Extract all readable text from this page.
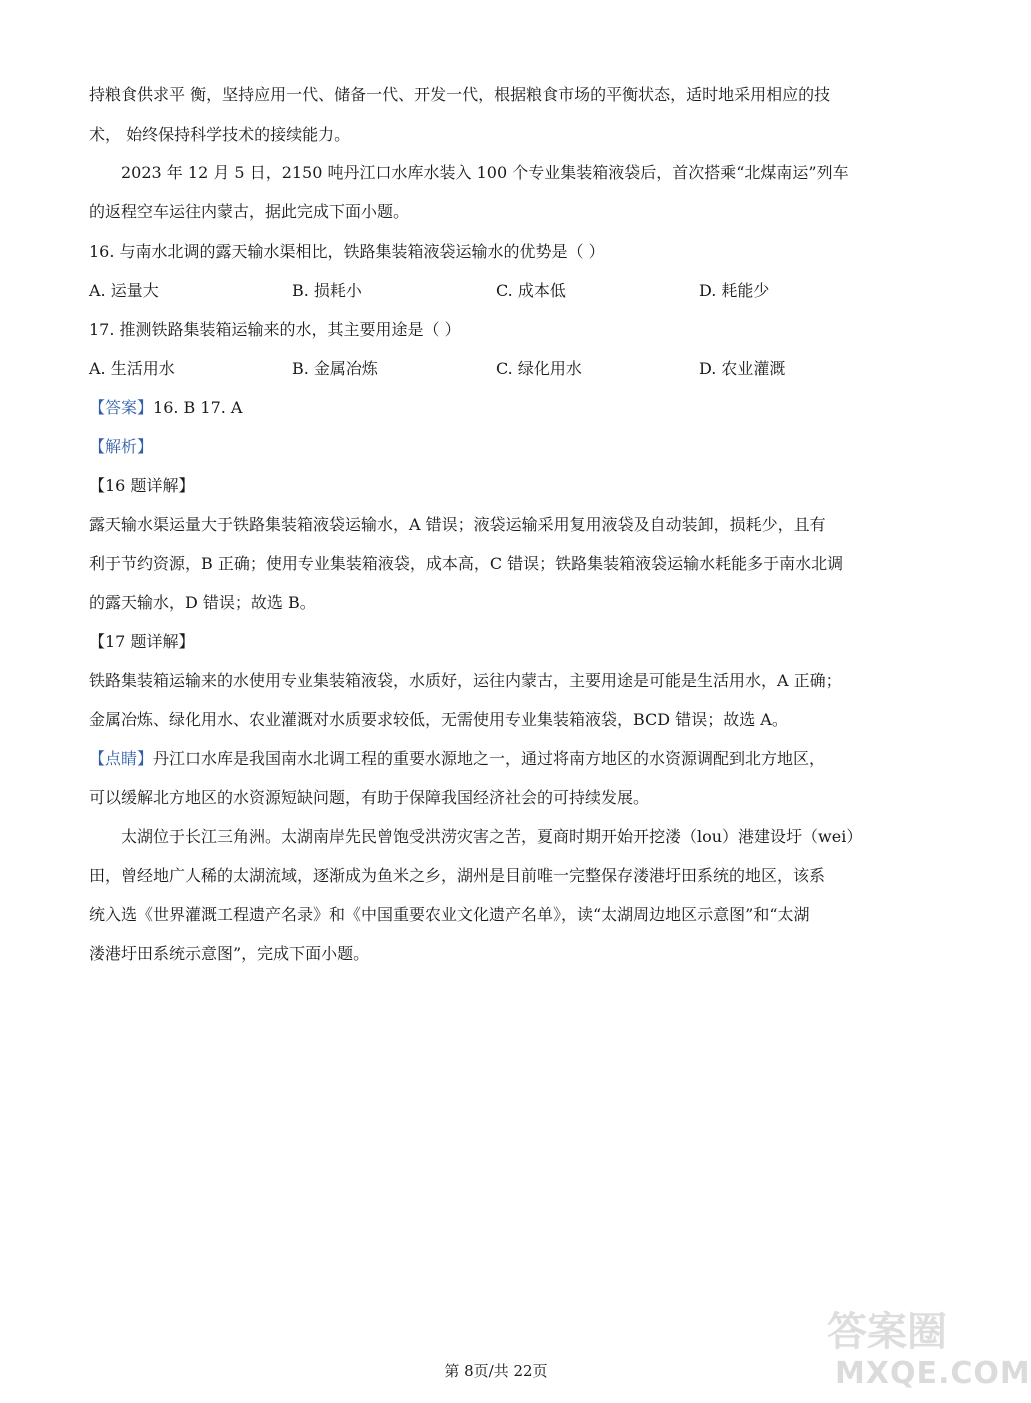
持粮食供求平 衡，坚持应用一代、储备一代、开发一代，根据粮食市场的平衡状态，适时地采用相应的技
术， 始终保持科学技术的接续能力。
2023 年 12 月 5 日，2150 吨丹江口水库水装入 100 个专业集装箱液袋后，首次搭乘“北煤南运”列车
的返程空车运往内蒙古，据此完成下面小题。
16. 与南水北调的露天输水渠相比，铁路集装箱液袋运输水的优势是（ ）
A. 运量大	B. 损耗小	C. 成本低	D. 耗能少
17. 推测铁路集装箱运输来的水，其主要用途是（ ）
A. 生活用水	B. 金属冶炼	C. 绿化用水	D. 农业灌溉
【答案】16. B 17. A
【解析】
【16 题详解】
露天输水渠运量大于铁路集装箱液袋运输水，A 错误；液袋运输采用复用液袋及自动装卸，损耗少，且有
利于节约资源，B 正确；使用专业集装箱液袋，成本高，C 错误；铁路集装箱液袋运输水耗能多于南水北调
的露天输水，D 错误；故选 B。
【17 题详解】
铁路集装箱运输来的水使用专业集装箱液袋，水质好，运往内蒙古，主要用途是可能是生活用水，A 正确；
金属冶炼、绿化用水、农业灌溉对水质要求较低，无需使用专业集装箱液袋，BCD 错误；故选 A。
【点睛】丹江口水库是我国南水北调工程的重要水源地之一，通过将南方地区的水资源调配到北方地区，
可以缓解北方地区的水资源短缺问题，有助于保障我国经济社会的可持续发展。
太湖位于长江三角洲。太湖南岸先民曾饱受洪涝灾害之苦，夏商时期开始开挖溇（lou）港建设圩（wei）
田，曾经地广人稀的太湖流域，逐渐成为鱼米之乡，湖州是目前唯一完整保存溇港圩田系统的地区，该系
统入选《世界灌溉工程遗产名录》和《中国重要农业文化遗产名单》，读“太湖周边地区示意图”和“太湖
溇港圩田系统示意图”，完成下面小题。
第 8页/共 22页
答案圈
MXQE.COM
